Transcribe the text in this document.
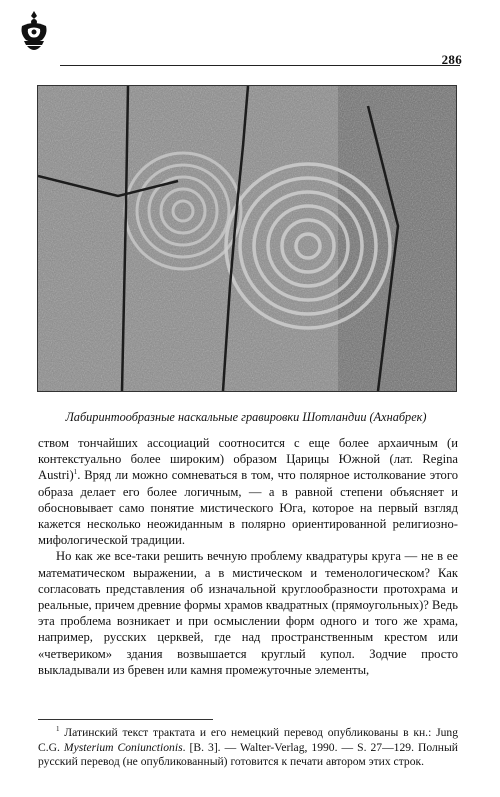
286
Лабиринтообразные наскальные гравировки Шотландии (Ахнабрек)

ством тончайших ассоциаций соотносится с еще более архаичным (и контекстуально более широким) образом Царицы Южной (лат. Regina Austri)$^1$. Вряд ли можно сомневаться в том, что полярное истолкование этого образа делает его более логичным, — а в равной степени объясняет и обосновывает само понятие мистического Юга, которое на первый взгляд кажется несколько неожиданным в полярно ориентированной религиозно-мифологической традиции.

Но как же все-таки решить вечную проблему квадратуры круга — не в ее математическом выражении, а в мистическом и теменологическом? Как согласовать представления об изначальной круглообразности протохрама и реальные, причем древние формы храмов квадратных (прямоугольных)? Ведь эта проблема возникает и при осмыслении форм одного и того же храма, например, русских церквей, где над пространственным крестом или «четвериком» здания возвышается круглый купол. Зодчие просто выкладывали из бревен или камня промежуточные элементы,

$^1$ Латинский текст трактата и его немецкий перевод опубликованы в кн.: Jung C.G. Mysterium Coniunctionis. [B. 3]. — Walter-Verlag, 1990. — S. 27—129. Полный русский перевод (не опубликованный) готовится к печати автором этих строк.
